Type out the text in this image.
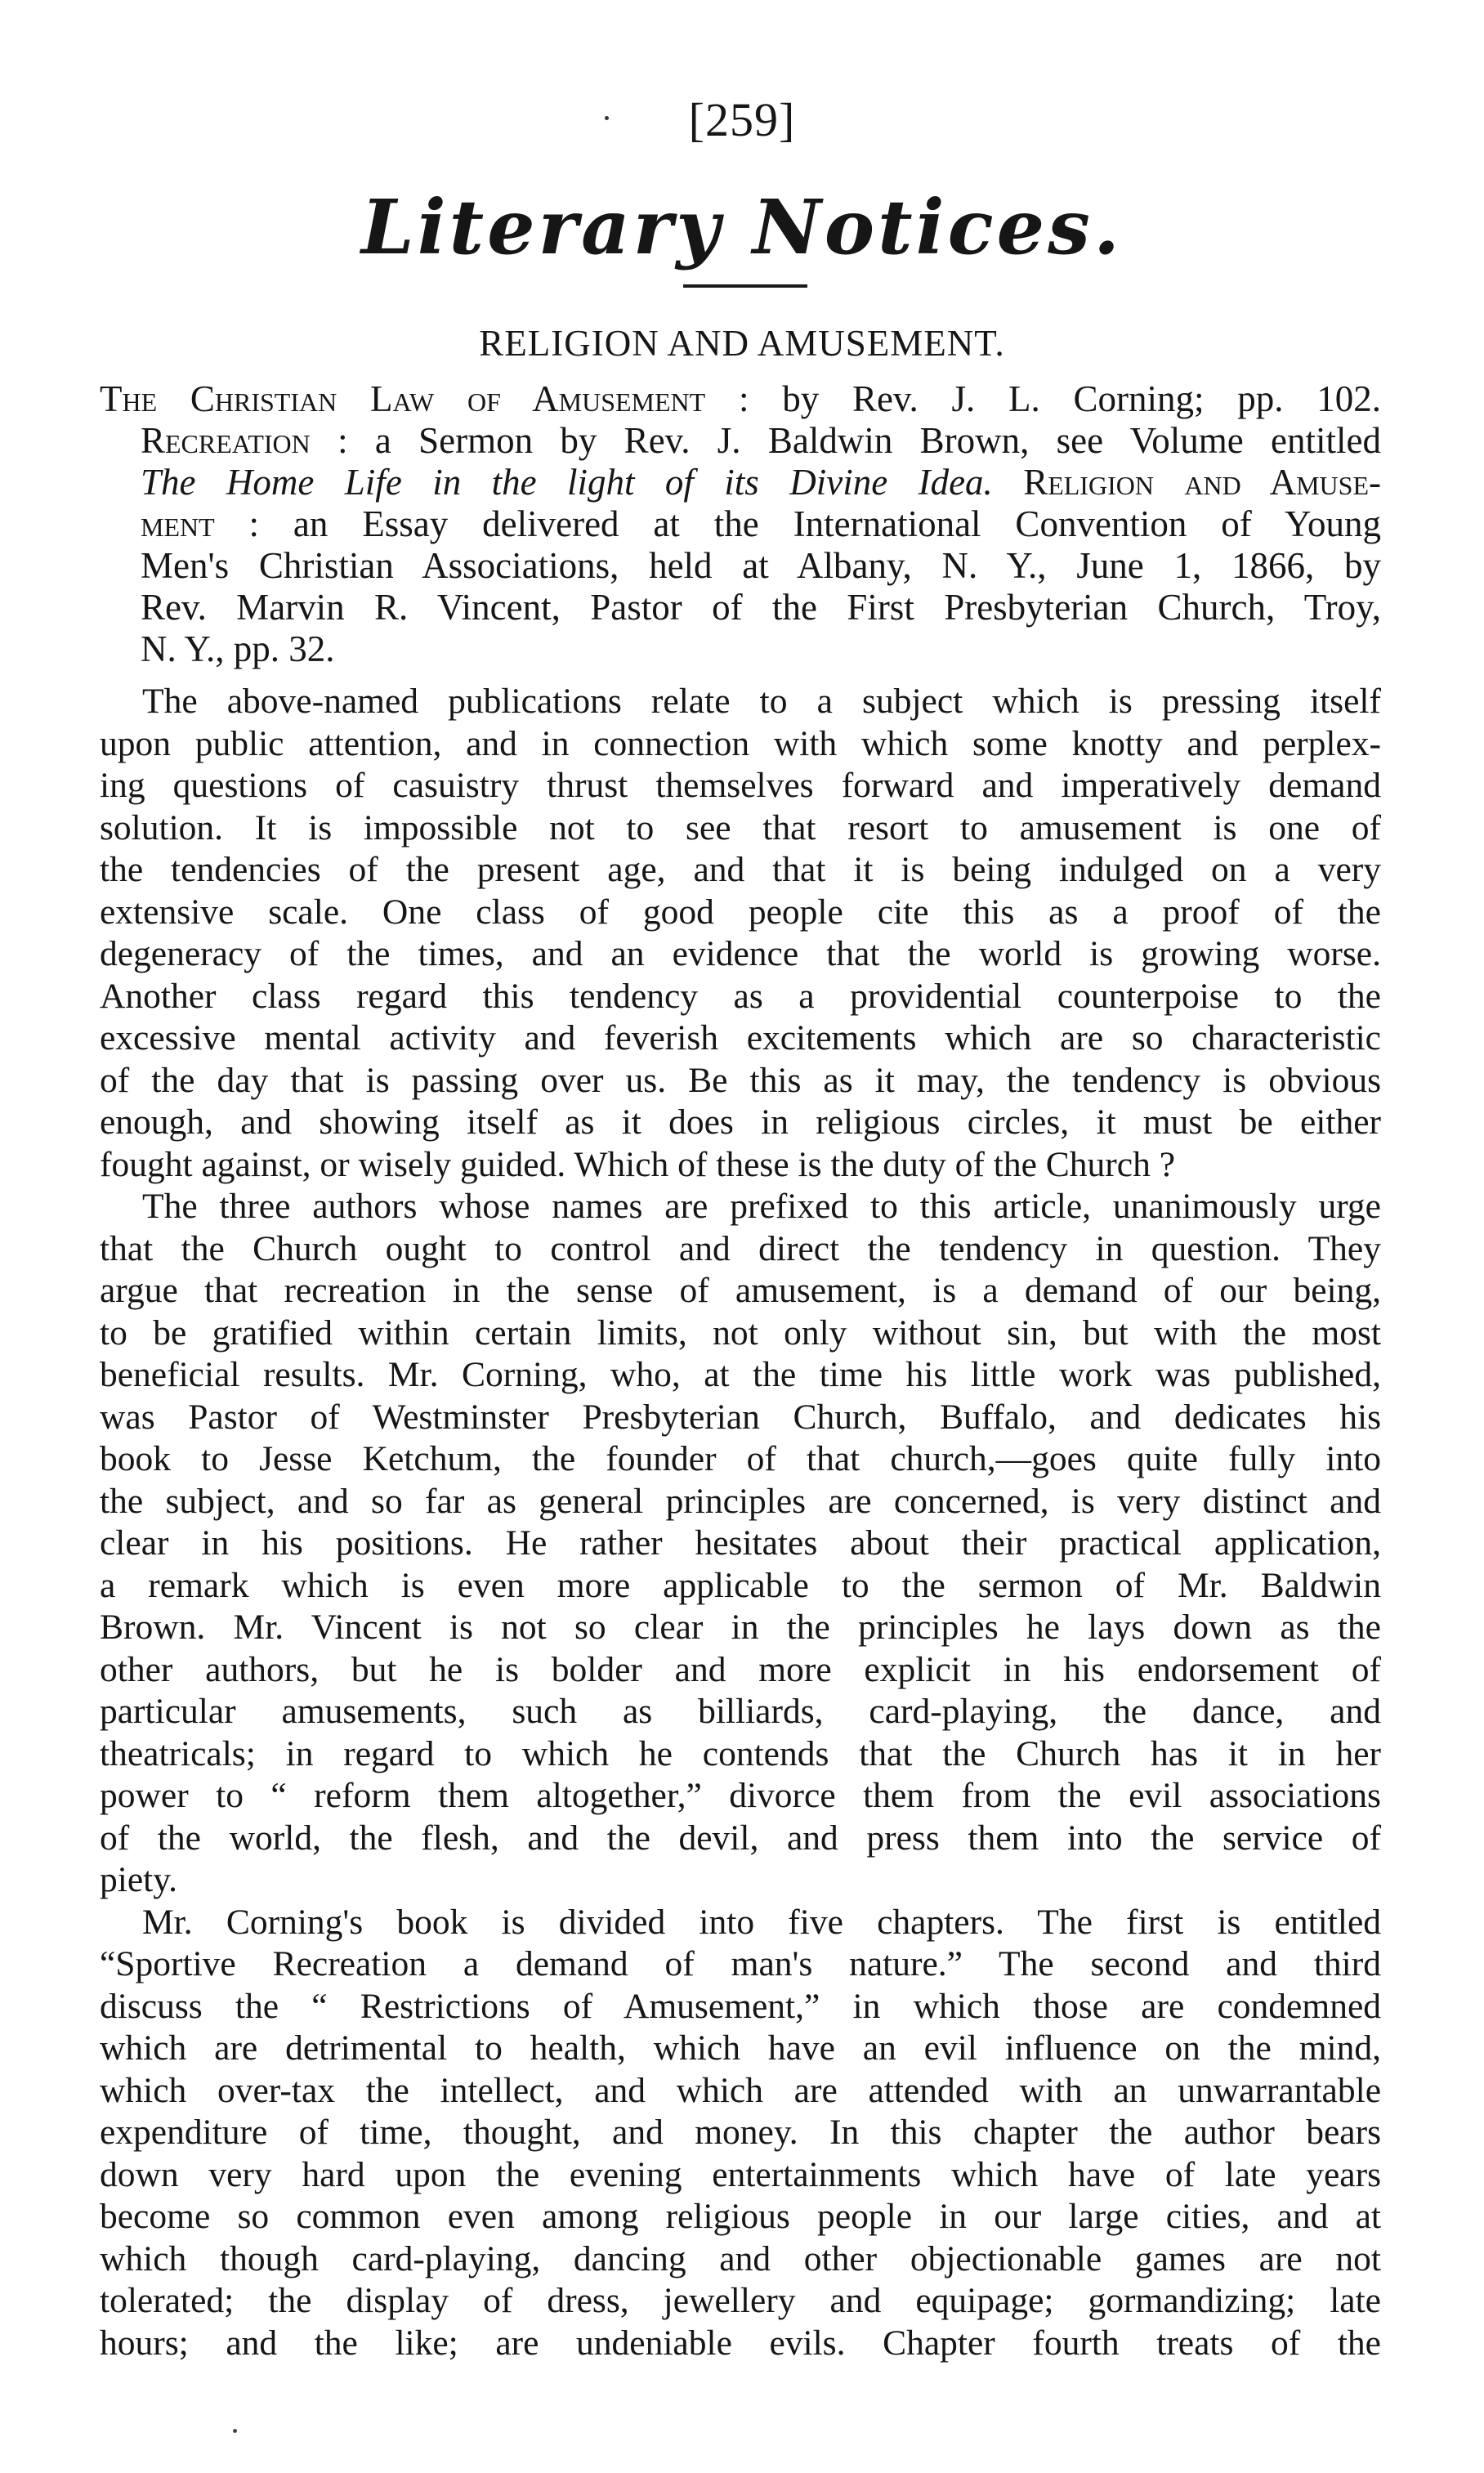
[259]
Literary Notices.
RELIGION AND AMUSEMENT.
The Christian Law of Amusement : by Rev. J. L. Corning; pp. 102.
Recreation : a Sermon by Rev. J. Baldwin Brown, see Volume entitled
The Home Life in the light of its Divine Idea. Religion and Amuse-
ment : an Essay delivered at the International Convention of Young
Men's Christian Associations, held at Albany, N. Y., June 1, 1866, by
Rev. Marvin R. Vincent, Pastor of the First Presbyterian Church, Troy,
N. Y., pp. 32.
The above-named publications relate to a subject which is pressing itself
upon public attention, and in connection with which some knotty and perplex-
ing questions of casuistry thrust themselves forward and imperatively demand
solution. It is impossible not to see that resort to amusement is one of
the tendencies of the present age, and that it is being indulged on a very
extensive scale. One class of good people cite this as a proof of the
degeneracy of the times, and an evidence that the world is growing worse.
Another class regard this tendency as a providential counterpoise to the
excessive mental activity and feverish excitements which are so characteristic
of the day that is passing over us. Be this as it may, the tendency is obvious
enough, and showing itself as it does in religious circles, it must be either
fought against, or wisely guided. Which of these is the duty of the Church ?
The three authors whose names are prefixed to this article, unanimously urge
that the Church ought to control and direct the tendency in question. They
argue that recreation in the sense of amusement, is a demand of our being,
to be gratified within certain limits, not only without sin, but with the most
beneficial results. Mr. Corning, who, at the time his little work was published,
was Pastor of Westminster Presbyterian Church, Buffalo, and dedicates his
book to Jesse Ketchum, the founder of that church,—goes quite fully into
the subject, and so far as general principles are concerned, is very distinct and
clear in his positions. He rather hesitates about their practical application,
a remark which is even more applicable to the sermon of Mr. Baldwin
Brown. Mr. Vincent is not so clear in the principles he lays down as the
other authors, but he is bolder and more explicit in his endorsement of
particular amusements, such as billiards, card-playing, the dance, and
theatricals; in regard to which he contends that the Church has it in her
power to “ reform them altogether,” divorce them from the evil associations
of the world, the flesh, and the devil, and press them into the service of
piety.
Mr. Corning's book is divided into five chapters. The first is entitled
“Sportive Recreation a demand of man's nature.” The second and third
discuss the “ Restrictions of Amusement,” in which those are condemned
which are detrimental to health, which have an evil influence on the mind,
which over-tax the intellect, and which are attended with an unwarrantable
expenditure of time, thought, and money. In this chapter the author bears
down very hard upon the evening entertainments which have of late years
become so common even among religious people in our large cities, and at
which though card-playing, dancing and other objectionable games are not
tolerated; the display of dress, jewellery and equipage; gormandizing; late
hours; and the like; are undeniable evils. Chapter fourth treats of the
